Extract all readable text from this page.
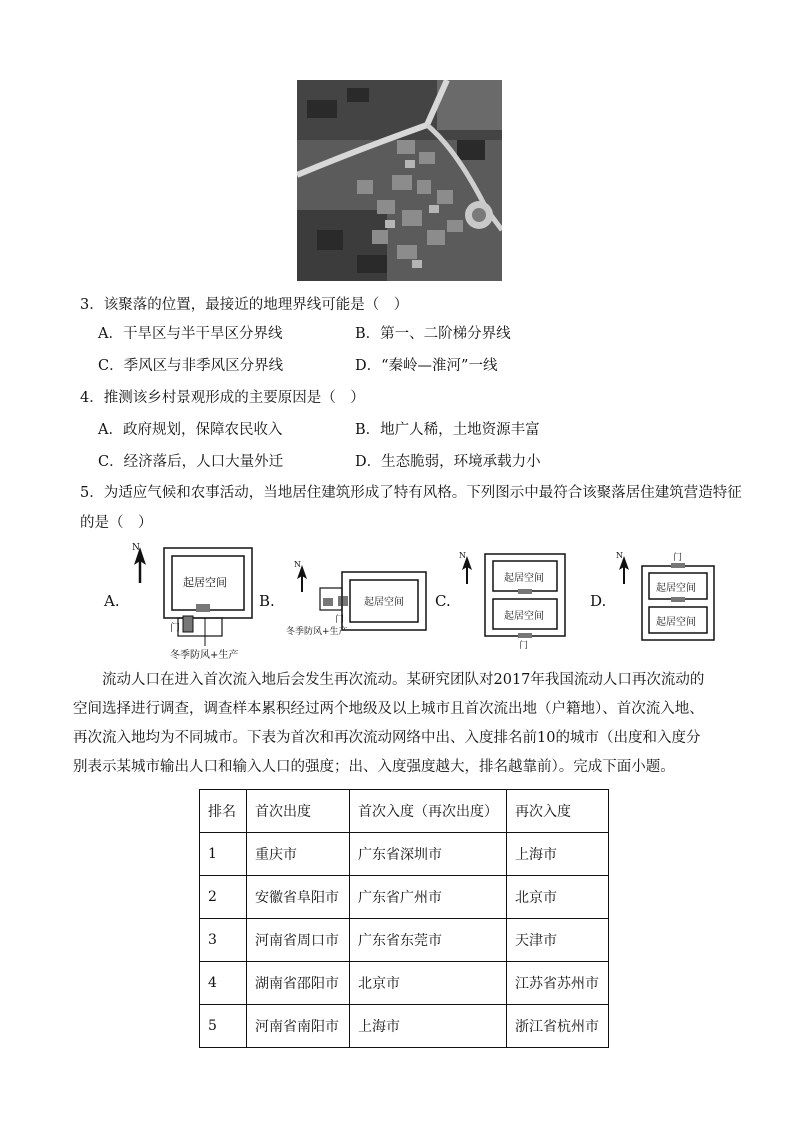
3．该聚落的位置，最接近的地理界线可能是（　）
A．干旱区与半干旱区分界线	B．第一、二阶梯分界线
C．季风区与非季风区分界线	D．“秦岭—淮河”一线
4．推测该乡村景观形成的主要原因是（　）
A．政府规划，保障农民收入	B．地广人稀，土地资源丰富
C．经济落后，人口大量外迁	D．生态脆弱，环境承载力小
5．为适应气候和农事活动，当地居住建筑形成了特有风格。下列图示中最符合该聚落居住建筑营造特征
的是（　）
A.
N
起居空间
门
冬季防风+生产
B.
N
起居空间
门
冬季防风+生产
C.
N
起居空间
起居空间
门
D.
N	门
起居空间
起居空间
流动人口在进入首次流入地后会发生再次流动。某研究团队对2017年我国流动人口再次流动的空间选择进行调查，调查样本累积经过两个地级及以上城市且首次流出地（户籍地）、首次流入地、再次流入地均为不同城市。下表为首次和再次流动网络中出、入度排名前10的城市（出度和入度分别表示某城市输出人口和输入人口的强度；出、入度强度越大，排名越靠前）。完成下面小题。
排名	首次出度	首次入度（再次出度）	再次入度
1	重庆市	广东省深圳市	上海市
2	安徽省阜阳市	广东省广州市	北京市
3	河南省周口市	广东省东莞市	天津市
4	湖南省邵阳市	北京市	江苏省苏州市
5	河南省南阳市	上海市	浙江省杭州市
